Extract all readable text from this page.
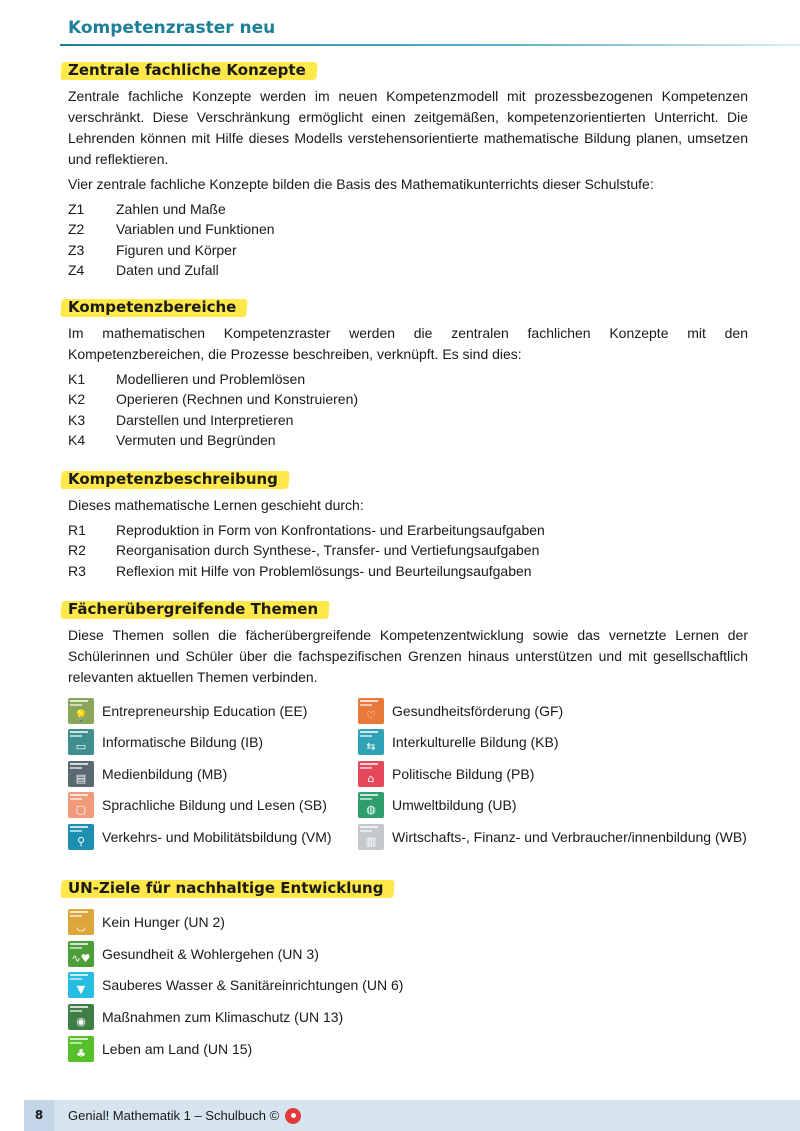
Kompetenzraster neu
Zentrale fachliche Konzepte

Zentrale fachliche Konzepte werden im neuen Kompetenzmodell mit prozessbezogenen Kompetenzen verschränkt. Diese Verschränkung ermöglicht einen zeitgemäßen, kompetenzorientierten Unterricht. Die Lehrenden können mit Hilfe dieses Modells verstehensorientierte mathematische Bildung planen, umsetzen und reflektieren.

Vier zentrale fachliche Konzepte bilden die Basis des Mathematikunterrichts dieser Schulstufe:

Z1	Zahlen und Maße
Z2	Variablen und Funktionen
Z3	Figuren und Körper
Z4	Daten und Zufall
Kompetenzbereiche

Im mathematischen Kompetenzraster werden die zentralen fachlichen Konzepte mit den Kompetenzbereichen, die Prozesse beschreiben, verknüpft. Es sind dies:

K1	Modellieren und Problemlösen
K2	Operieren (Rechnen und Konstruieren)
K3	Darstellen und Interpretieren
K4	Vermuten und Begründen
Kompetenzbeschreibung

Dieses mathematische Lernen geschieht durch:

R1	Reproduktion in Form von Konfrontations- und Erarbeitungsaufgaben
R2	Reorganisation durch Synthese-, Transfer- und Vertiefungsaufgaben
R3	Reflexion mit Hilfe von Problemlösungs- und Beurteilungsaufgaben
Fächerübergreifende Themen

Diese Themen sollen die fächerübergreifende Kompetenzentwicklung sowie das vernetzte Lernen der Schülerinnen und Schüler über die fachspezifischen Grenzen hinaus unterstützen und mit gesellschaftlich relevanten aktuellen Themen verbinden.

💡	Entrepreneurship Education (EE)	♡	Gesundheitsförderung (GF)
▭	Informatische Bildung (IB)	⇆	Interkulturelle Bildung (KB)
▤	Medienbildung (MB)	⌂	Politische Bildung (PB)
▢	Sprachliche Bildung und Lesen (SB)	◍	Umweltbildung (UB)
⚲	Verkehrs- und Mobilitätsbildung (VM)	▥	Wirtschafts-, Finanz- und Verbraucher/innenbildung (WB)
UN-Ziele für nachhaltige Entwicklung
◡	Kein Hunger (UN 2)
∿♥ Gesundheit & Wohlergehen (UN 3)
▼	Sauberes Wasser & Sanitäreinrichtungen (UN 6)
◉	Maßnahmen zum Klimaschutz (UN 13)
♣	Leben am Land (UN 15)
8	Genial! Mathematik 1 – Schulbuch ©
